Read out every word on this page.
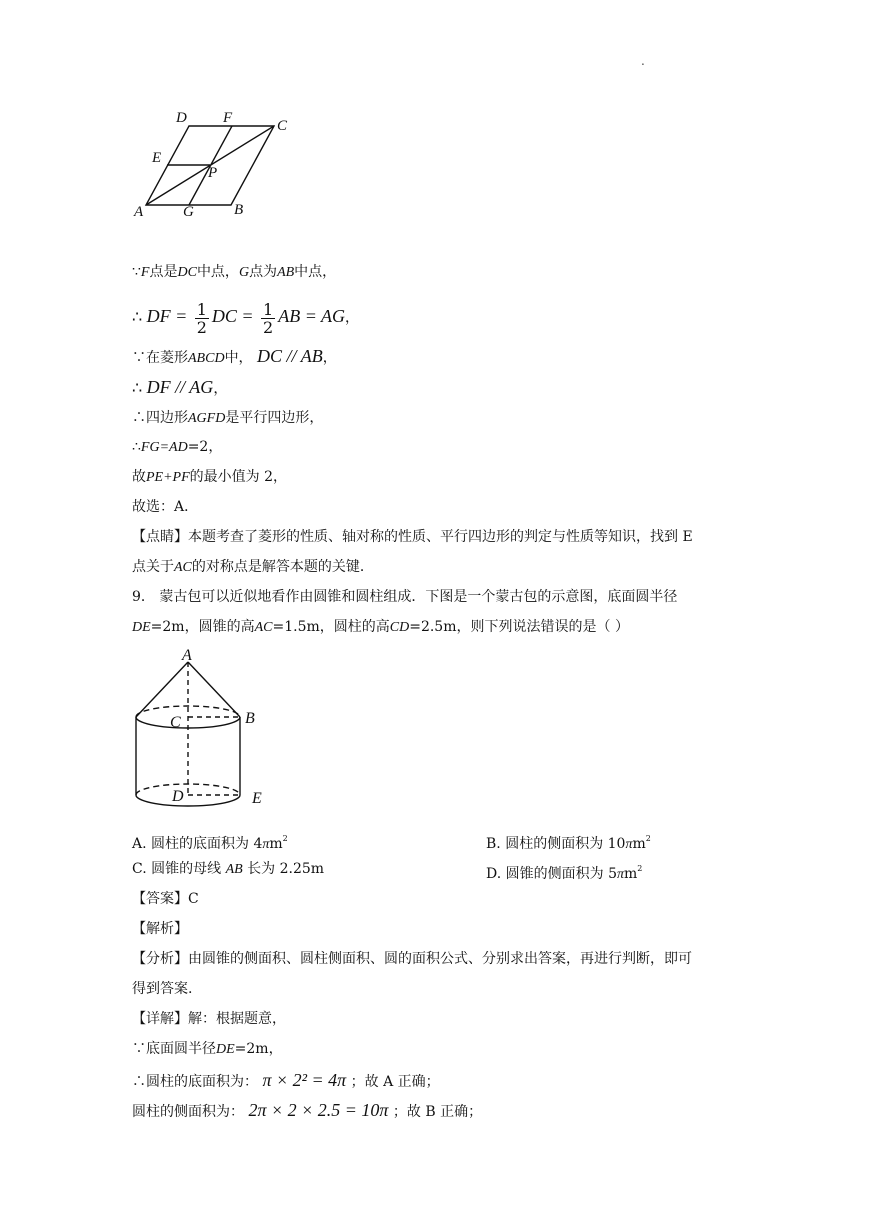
.
D F	C
E
P
A	G	B
∵F点是DC中点，G点为AB中点，
∴ DF = $\frac{1}{2}$ DC = $\frac{1}{2}$ AB = AG，
∵在菱形ABCD中， DC // AB，
∴ DF // AG，
∴四边形AGFD是平行四边形，
∴FG=AD=2，
故PE+PF的最小值为 2，
故选：A．
【点睛】本题考查了菱形的性质、轴对称的性质、平行四边形的判定与性质等知识，找到 E
点关于AC的对称点是解答本题的关键．
9． 蒙古包可以近似地看作由圆锥和圆柱组成．下图是一个蒙古包的示意图，底面圆半径
DE=2m，圆锥的高AC=1.5m，圆柱的高CD=2.5m，则下列说法错误的是（ ）
A
C	B
D	E
A. 圆柱的底面积为 $4\pi m^2$	B. 圆柱的侧面积为 $10\pi m^2$
C. 圆锥的母线 AB 长为 2.25m	D. 圆锥的侧面积为 $5\pi m^2$
【答案】C
【解析】
【分析】由圆锥的侧面积、圆柱侧面积、圆的面积公式、分别求出答案，再进行判断，即可
得到答案.
【详解】解：根据题意，
∵底面圆半径DE=2m，
∴圆柱的底面积为： π × 2² = 4π ；故 A 正确；
圆柱的侧面积为： 2π × 2 × 2.5 = 10π ；故 B 正确；
